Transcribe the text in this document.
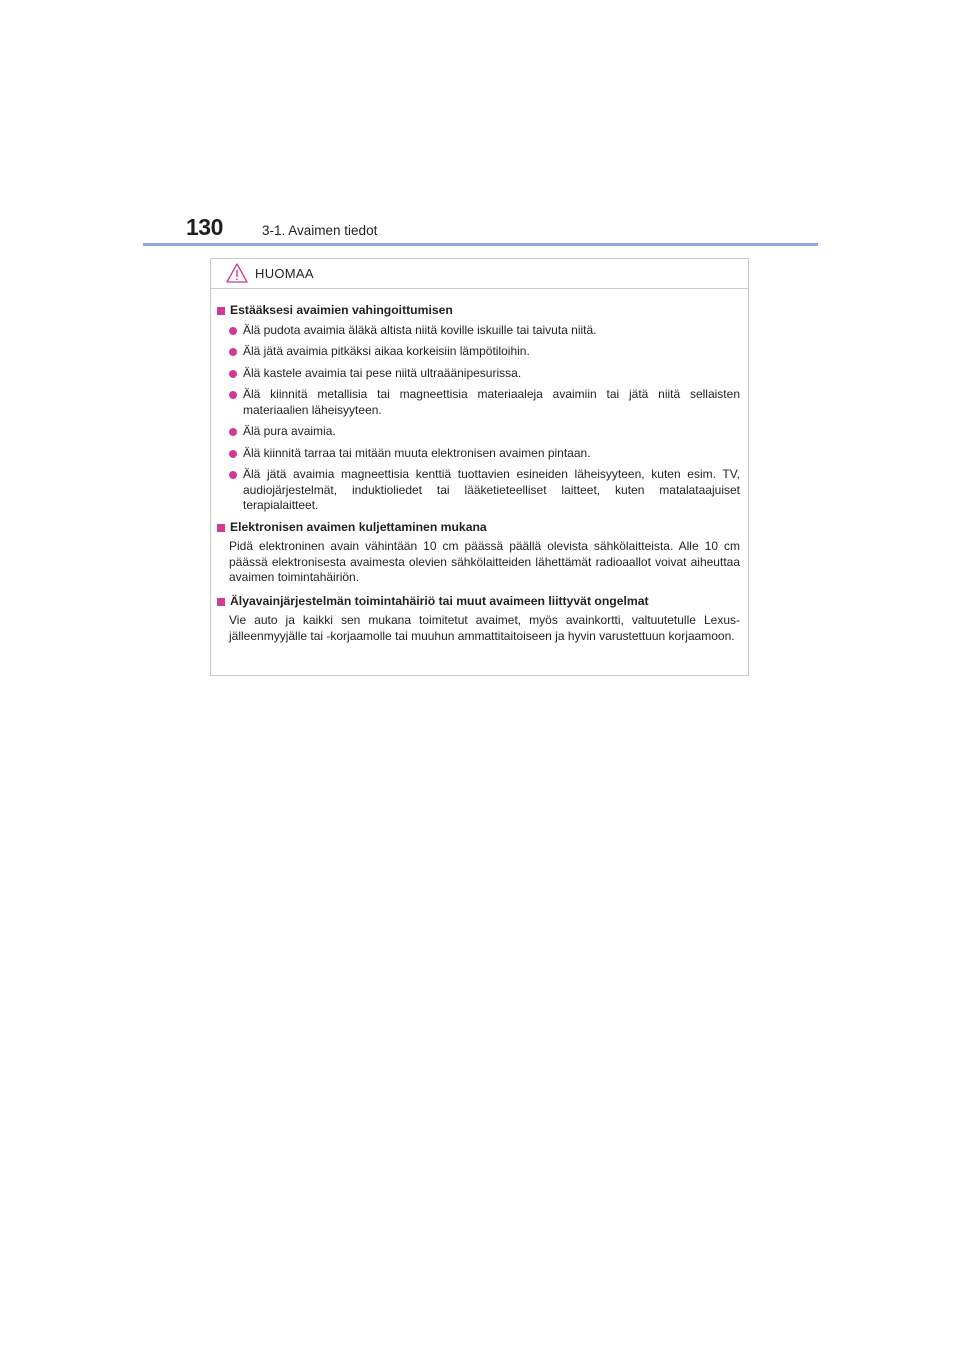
130	3-1. Avaimen tiedot
HUOMAA
Estääksesi avaimien vahingoittumisen
Älä pudota avaimia äläkä altista niitä koville iskuille tai taivuta niitä.
Älä jätä avaimia pitkäksi aikaa korkeisiin lämpötiloihin.
Älä kastele avaimia tai pese niitä ultraäänipesurissa.
Älä kiinnitä metallisia tai magneettisia materiaaleja avaimiin tai jätä niitä sellaisten materiaalien läheisyyteen.
Älä pura avaimia.
Älä kiinnitä tarraa tai mitään muuta elektronisen avaimen pintaan.
Älä jätä avaimia magneettisia kenttiä tuottavien esineiden läheisyyteen, kuten esim. TV, audiojärjestelmät, induktioliedet tai lääketieteelliset laitteet, kuten matalataajuiset terapialaitteet.
Elektronisen avaimen kuljettaminen mukana
Pidä elektroninen avain vähintään 10 cm päässä päällä olevista sähkölaitteista. Alle 10 cm päässä elektronisesta avaimesta olevien sähkölaitteiden lähettämät radioaallot voivat aiheuttaa avaimen toimintahäiriön.
Älyavainjärjestelmän toimintahäiriö tai muut avaimeen liittyvät ongelmat
Vie auto ja kaikki sen mukana toimitetut avaimet, myös avainkortti, valtuutetulle Lexus-jälleenmyyjälle tai -korjaamolle tai muuhun ammattitaitoiseen ja hyvin varustettuun korjaamoon.
